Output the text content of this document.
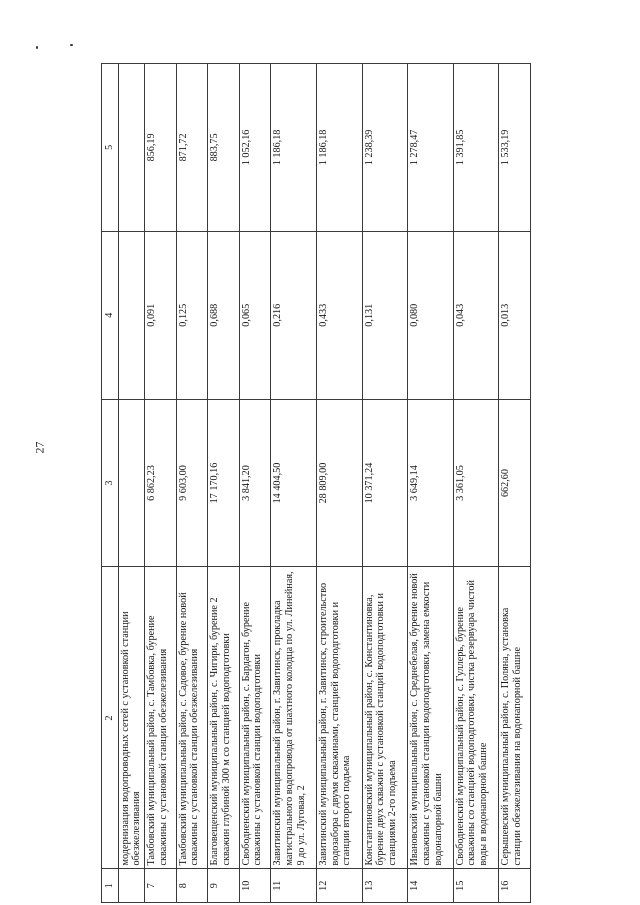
27
1	2	3	4	5
	модернизация водопроводных сетей с установкой станции обезжелезивания			
7	Тамбовский муниципальный район, с. Тамбовка, бурение скважины с установкой станции обезжелезивания	6 862,23	0,091	856,19
8	Тамбовский муниципальный район, с. Садовое, бурение новой скважины с установкой станции обезжелезивания	9 603,00	0,125	871,72
9	Благовещенский муниципальный район, с. Чигири, бурение 2 скважин глубиной 300 м со станцией водоподготовки	17 170,16	0,688	883,75
10	Свободненский муниципальный район, с. Бардагон, бурение скважины с установкой станции водоподготовки	3 841,20	0,065	1 052,16
11	Завитинский муниципальный район, г. Завитинск, прокладка магистрального водопровода от шахтного колодца по ул. Линейная, 9 до ул. Луговая, 2	14 404,50	0,216	1 186,18
12	Завитинский муниципальный район, г. Завитинск, строительство водозабора с двумя скважинами, станцией водоподготовки и станции второго подъема	28 809,00	0,433	1 186,18
13	Константиновский муниципальный район, с. Константиновка, бурение двух скважин с установкой станций водоподготовки и станциями 2-го подъема	10 371,24	0,131	1 238,39
14	Ивановский муниципальный район, с. Среднебелая, бурение новой скважины с установкой станции водоподготовки, замена емкости водонапорной башни	3 649,14	0,080	1 278,47
15	Свободненский муниципальный район, с. Гуллерь, бурение скважины со станцией водоподготовки, чистка резервуара чистой воды в водонапорной башне	3 361,05	0,043	1 391,85
16	Серышевский муниципальный район, с. Поляна, установка станции обезжелезивания на водонапорной башне	662,60	0,013	1 533,19
